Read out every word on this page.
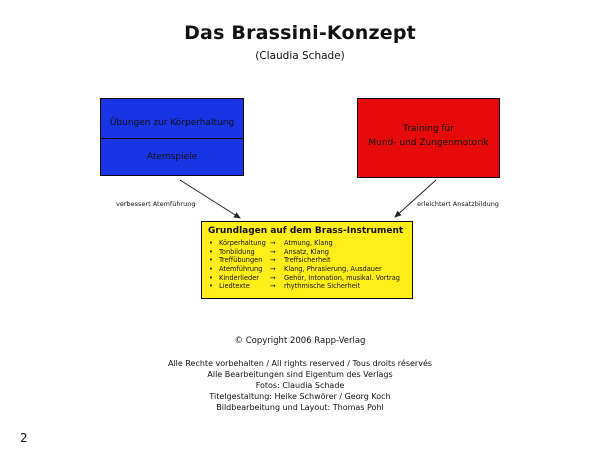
Das Brassini-Konzept
(Claudia Schade)
Übungen zur Körperhaltung
Atemspiele
Training für
Mund- und Zungenmotorik
verbessert Atemführung	erleichtert Ansatzbildung
Grundlagen auf dem Brass-Instrument
• Körperhaltung → Atmung, Klang
• Tonbildung → Ansatz, Klang
• Treffübungen → Treffsicherheit
• Atemführung → Klang, Phrasierung, Ausdauer
• Kinderlieder → Gehör, Intonation, musikal. Vortrag
• Liedtexte	→ rhythmische Sicherheit
© Copyright 2006 Rapp-Verlag
Alle Rechte vorbehalten / All rights reserved / Tous droits réservés
Alle Bearbeitungen sind Eigentum des Verlags
Fotos: Claudia Schade
Titelgestaltung: Heike Schwörer / Georg Koch
Bildbearbeitung und Layout: Thomas Pohl
2
